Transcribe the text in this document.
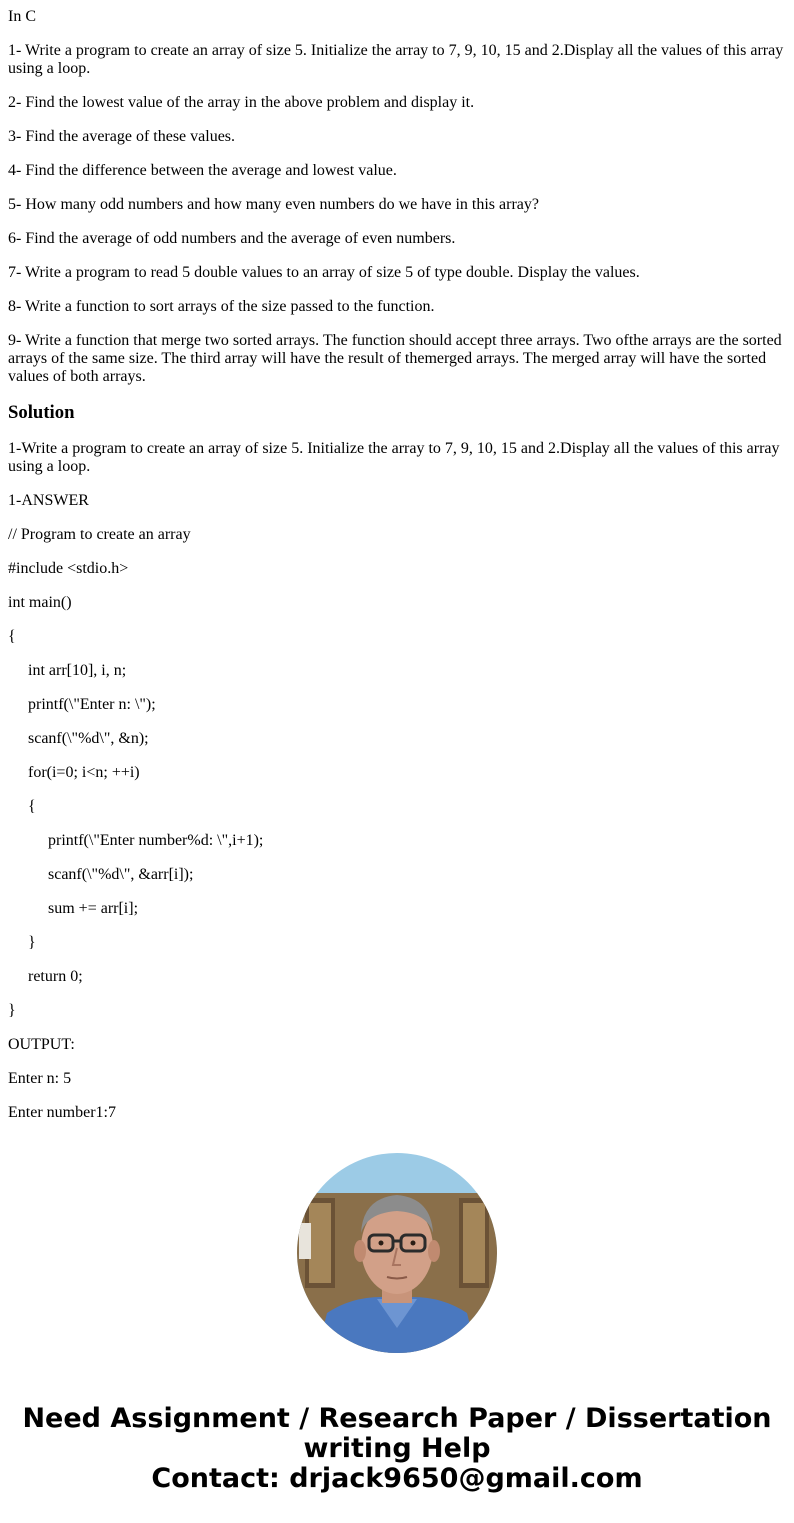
In C

1- Write a program to create an array of size 5. Initialize the array to 7, 9, 10, 15 and 2.Display all the values of this array using a loop.

2- Find the lowest value of the array in the above problem and display it.

3- Find the average of these values.

4- Find the difference between the average and lowest value.

5- How many odd numbers and how many even numbers do we have in this array?

6- Find the average of odd numbers and the average of even numbers.

7- Write a program to read 5 double values to an array of size 5 of type double. Display the values.

8- Write a function to sort arrays of the size passed to the function.

9- Write a function that merge two sorted arrays. The function should accept three arrays. Two ofthe arrays are the sorted arrays of the same size. The third array will have the result of themerged arrays. The merged array will have the sorted values of both arrays.

Solution

1-Write a program to create an array of size 5. Initialize the array to 7, 9, 10, 15 and 2.Display all the values of this array using a loop.

1-ANSWER

// Program to create an array

#include <stdio.h>

int main()

{

int arr[10], i, n;

printf(\"Enter n: \");

scanf(\"%d\", &n);

for(i=0; i<n; ++i)

{

printf(\"Enter number%d: \",i+1);

scanf(\"%d\", &arr[i]);

sum += arr[i];

}

return 0;

}

OUTPUT:

Enter n: 5

Enter number1:7

Need Assignment / Research Paper / Dissertation
writing Help
Contact: drjack9650@gmail.com
